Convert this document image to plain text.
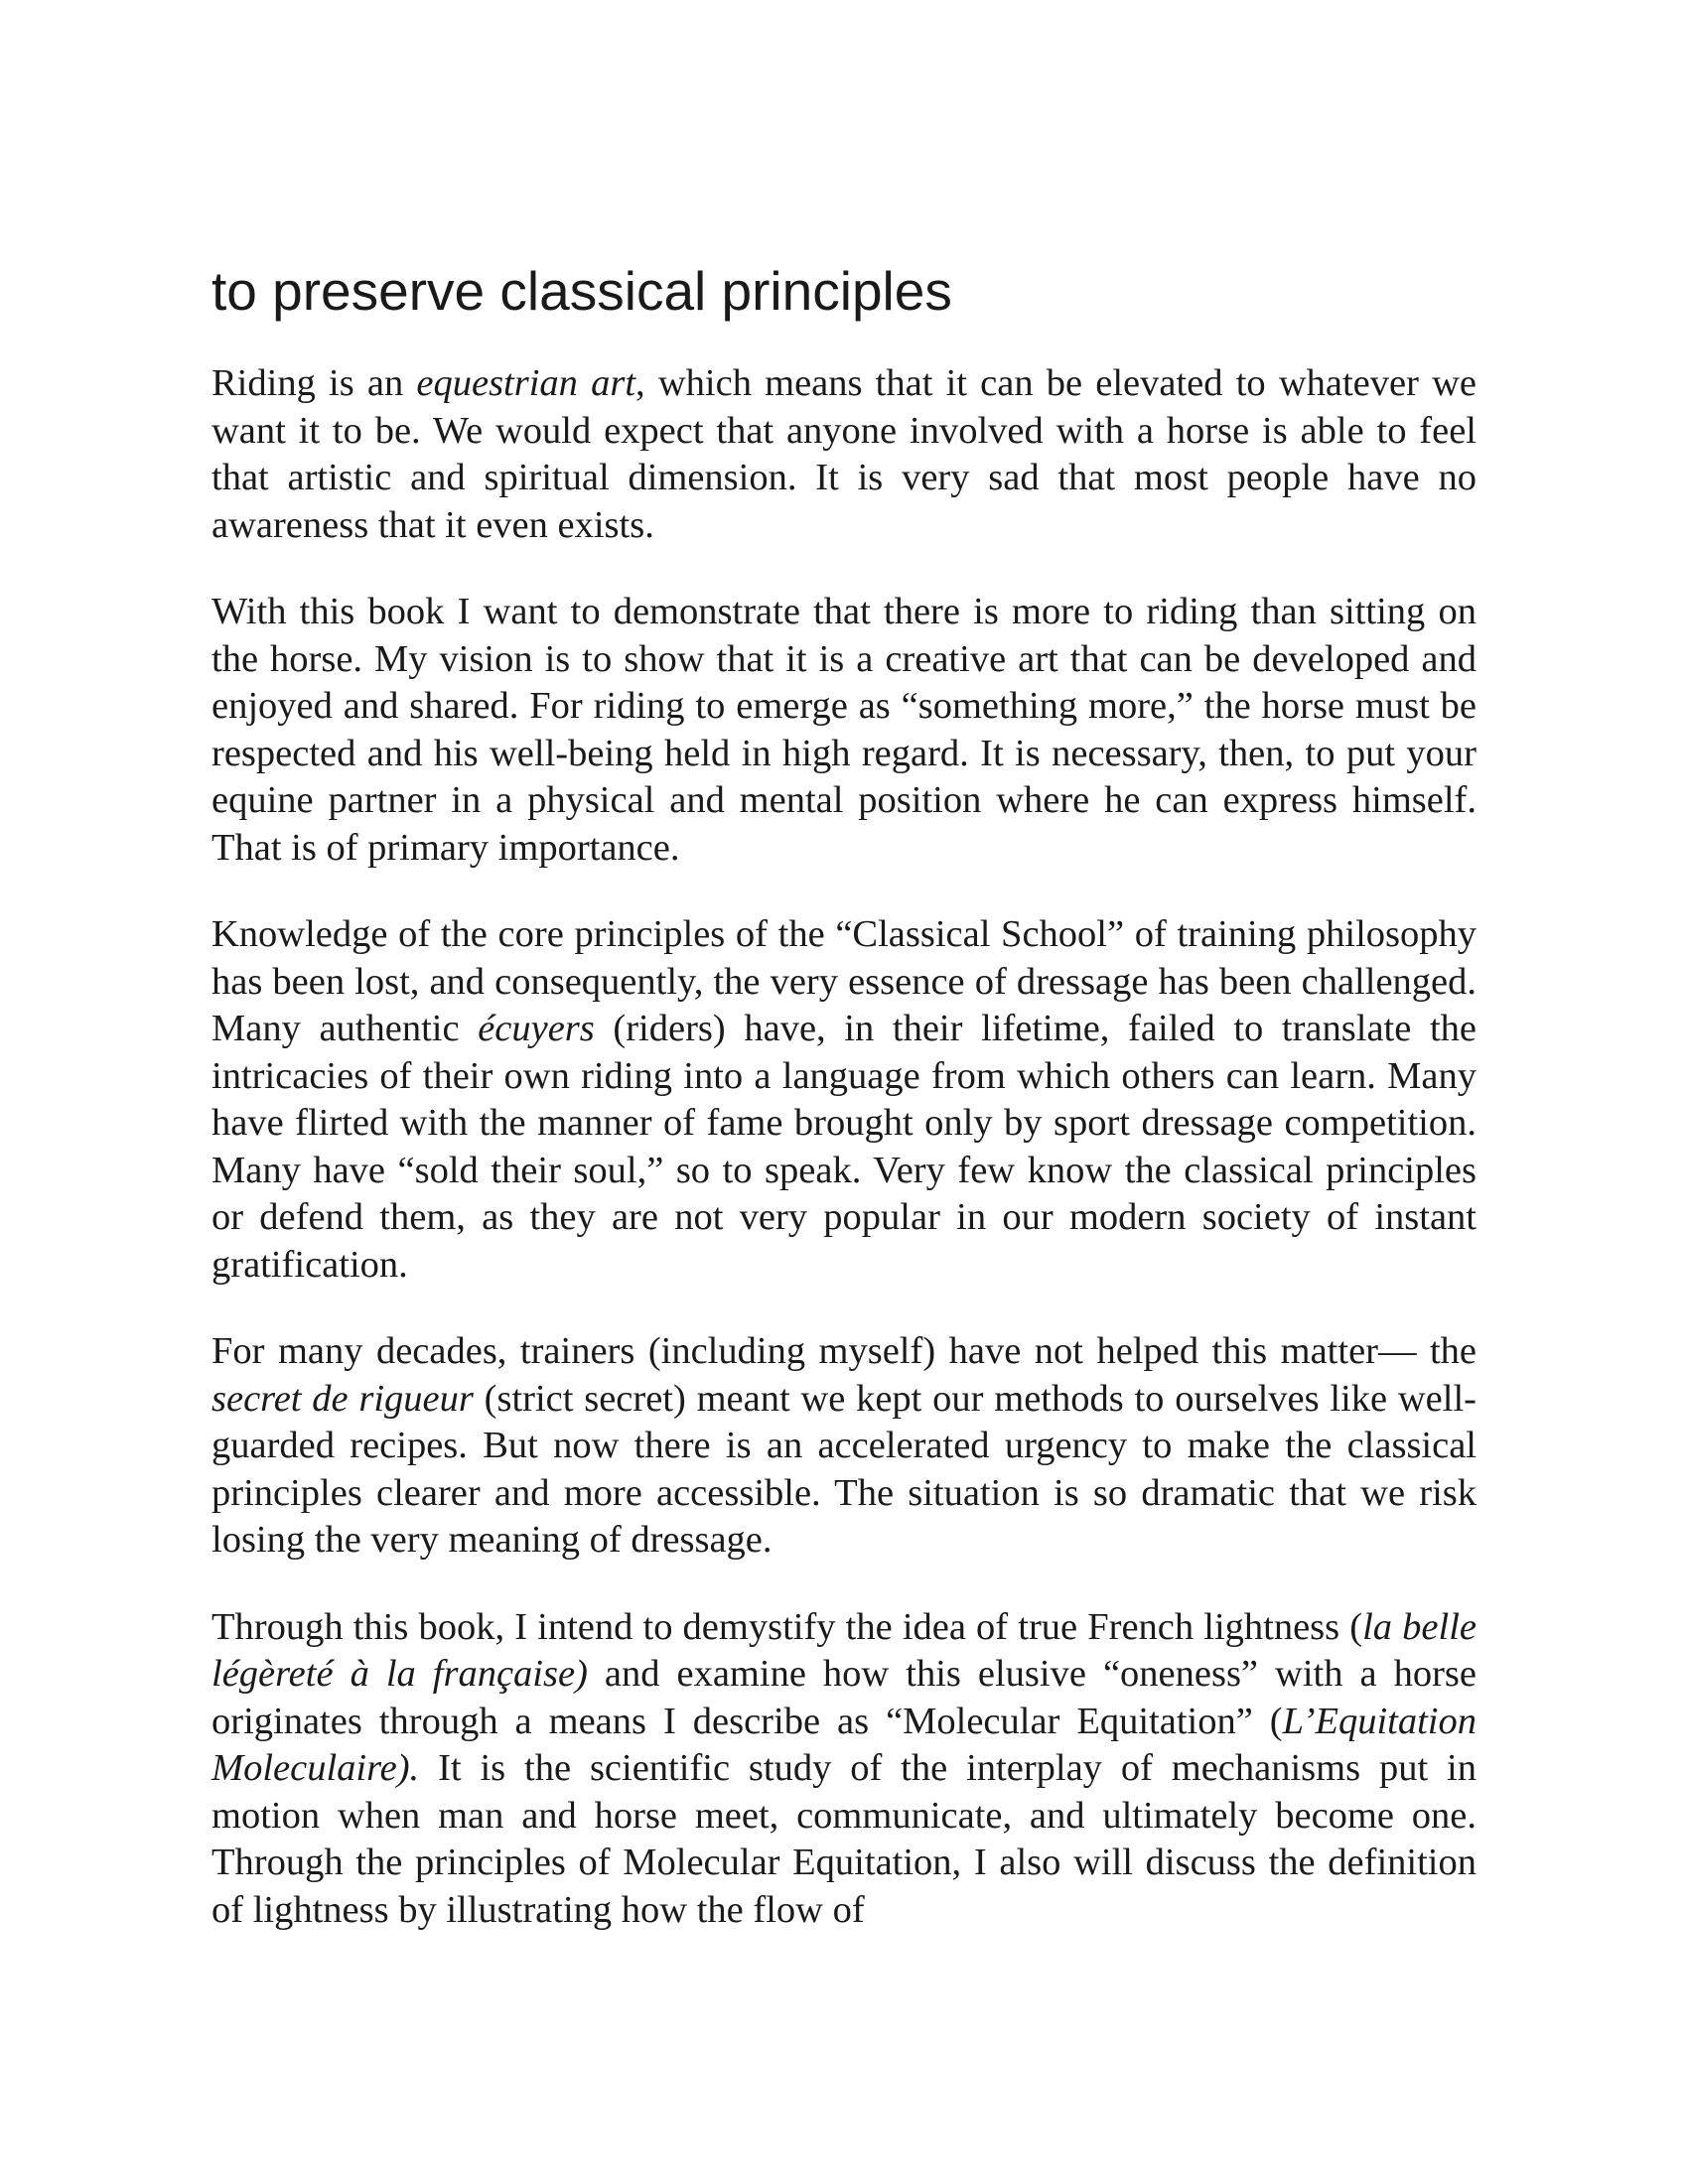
to preserve classical principles

Riding is an equestrian art, which means that it can be elevated to whatever we want it to be. We would expect that anyone involved with a horse is able to feel that artistic and spiritual dimension. It is very sad that most people have no awareness that it even exists.

With this book I want to demonstrate that there is more to riding than sitting on the horse. My vision is to show that it is a creative art that can be developed and enjoyed and shared. For riding to emerge as “something more,” the horse must be respected and his well-being held in high regard. It is necessary, then, to put your equine partner in a physical and mental position where he can express himself. That is of primary importance.

Knowledge of the core principles of the “Classical School” of training philosophy has been lost, and consequently, the very essence of dressage has been challenged. Many authentic écuyers (riders) have, in their lifetime, failed to translate the intricacies of their own riding into a language from which others can learn. Many have flirted with the manner of fame brought only by sport dressage competition. Many have “sold their soul,” so to speak. Very few know the classical principles or defend them, as they are not very popular in our modern society of instant gratification.

For many decades, trainers (including myself) have not helped this matter— the secret de rigueur (strict secret) meant we kept our methods to ourselves like well-guarded recipes. But now there is an accelerated urgency to make the classical principles clearer and more accessible. The situation is so dramatic that we risk losing the very meaning of dressage.

Through this book, I intend to demystify the idea of true French lightness (la belle légèreté à la française) and examine how this elusive “oneness” with a horse originates through a means I describe as “Molecular Equitation” (L’Equitation Moleculaire). It is the scientific study of the interplay of mechanisms put in motion when man and horse meet, communicate, and ultimately become one. Through the principles of Molecular Equitation, I also will discuss the definition of lightness by illustrating how the flow of
